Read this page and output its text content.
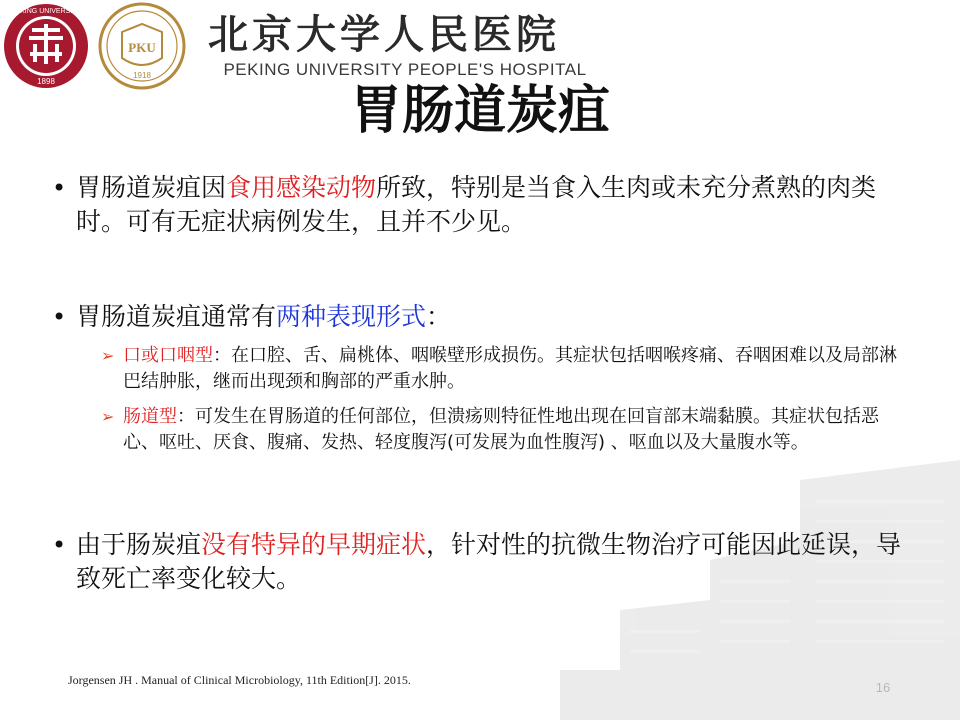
PEKING UNIVERSITY
1898
PKU
1918
北京大学人民医院
PEKING UNIVERSITY PEOPLE'S HOSPITAL
胃肠道炭疽
• 胃肠道炭疽因食用感染动物所致，特别是当食入生肉或未充分煮熟的肉类时。可有无症状病例发生，且并不少见。
• 胃肠道炭疽通常有两种表现形式：
➢ 口或口咽型：在口腔、舌、扁桃体、咽喉壁形成损伤。其症状包括咽喉疼痛、吞咽困难以及局部淋巴结肿胀，继而出现颈和胸部的严重水肿。
➢ 肠道型：可发生在胃肠道的任何部位，但溃疡则特征性地出现在回盲部末端黏膜。其症状包括恶心、呕吐、厌食、腹痛、发热、轻度腹泻(可发展为血性腹泻) 、呕血以及大量腹水等。
• 由于肠炭疽没有特异的早期症状，针对性的抗微生物治疗可能因此延误，导致死亡率变化较大。
Jorgensen JH . Manual of Clinical Microbiology, 11th Edition[J]. 2015.	16
